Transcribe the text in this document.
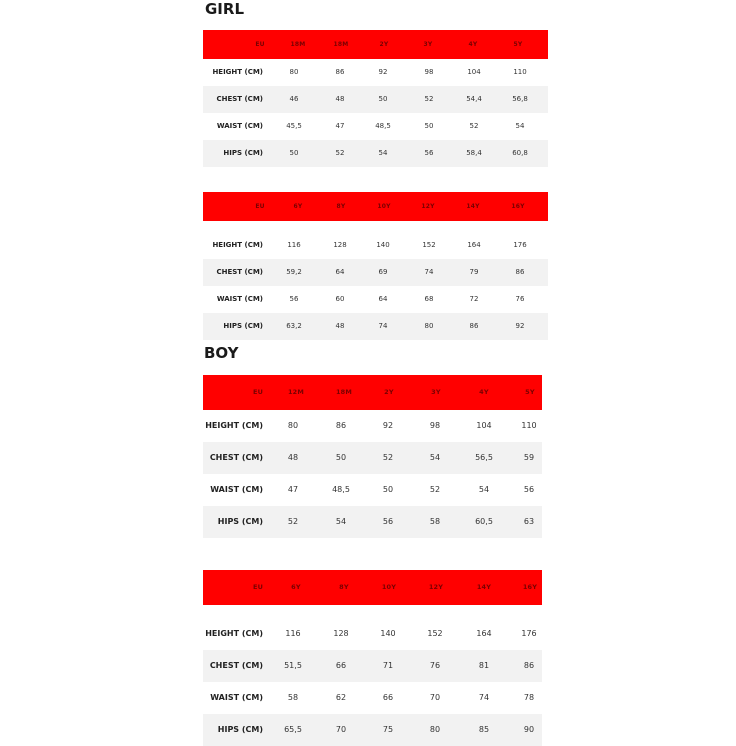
GIRL
EU	18M	18M	2Y	3Y	4Y	5Y
HEIGHT (CM)	80	86	92	98	104	110
CHEST (CM)	46	48	50	52	54,4	56,8
WAIST (CM)	45,5	47	48,5	50	52	54
HIPS (CM)	50	52	54	56	58,4	60,8
EU	6Y	8Y	10Y	12Y	14Y	16Y
HEIGHT (CM)	116	128	140	152	164	176
CHEST (CM)	59,2	64	69	74	79	86
WAIST (CM)	56	60	64	68	72	76
HIPS (CM)	63,2	48	74	80	86	92
BOY
EU	12M	18M	2Y	3Y	4Y	5Y
HEIGHT (CM)	80	86	92	98	104	110
CHEST (CM)	48	50	52	54	56,5	59
WAIST (CM)	47	48,5	50	52	54	56
HIPS (CM)	52	54	56	58	60,5	63
EU	6Y	8Y	10Y	12Y	14Y	16Y
HEIGHT (CM)	116	128	140	152	164	176
CHEST (CM)	51,5	66	71	76	81	86
WAIST (CM)	58	62	66	70	74	78
HIPS (CM)	65,5	70	75	80	85	90
